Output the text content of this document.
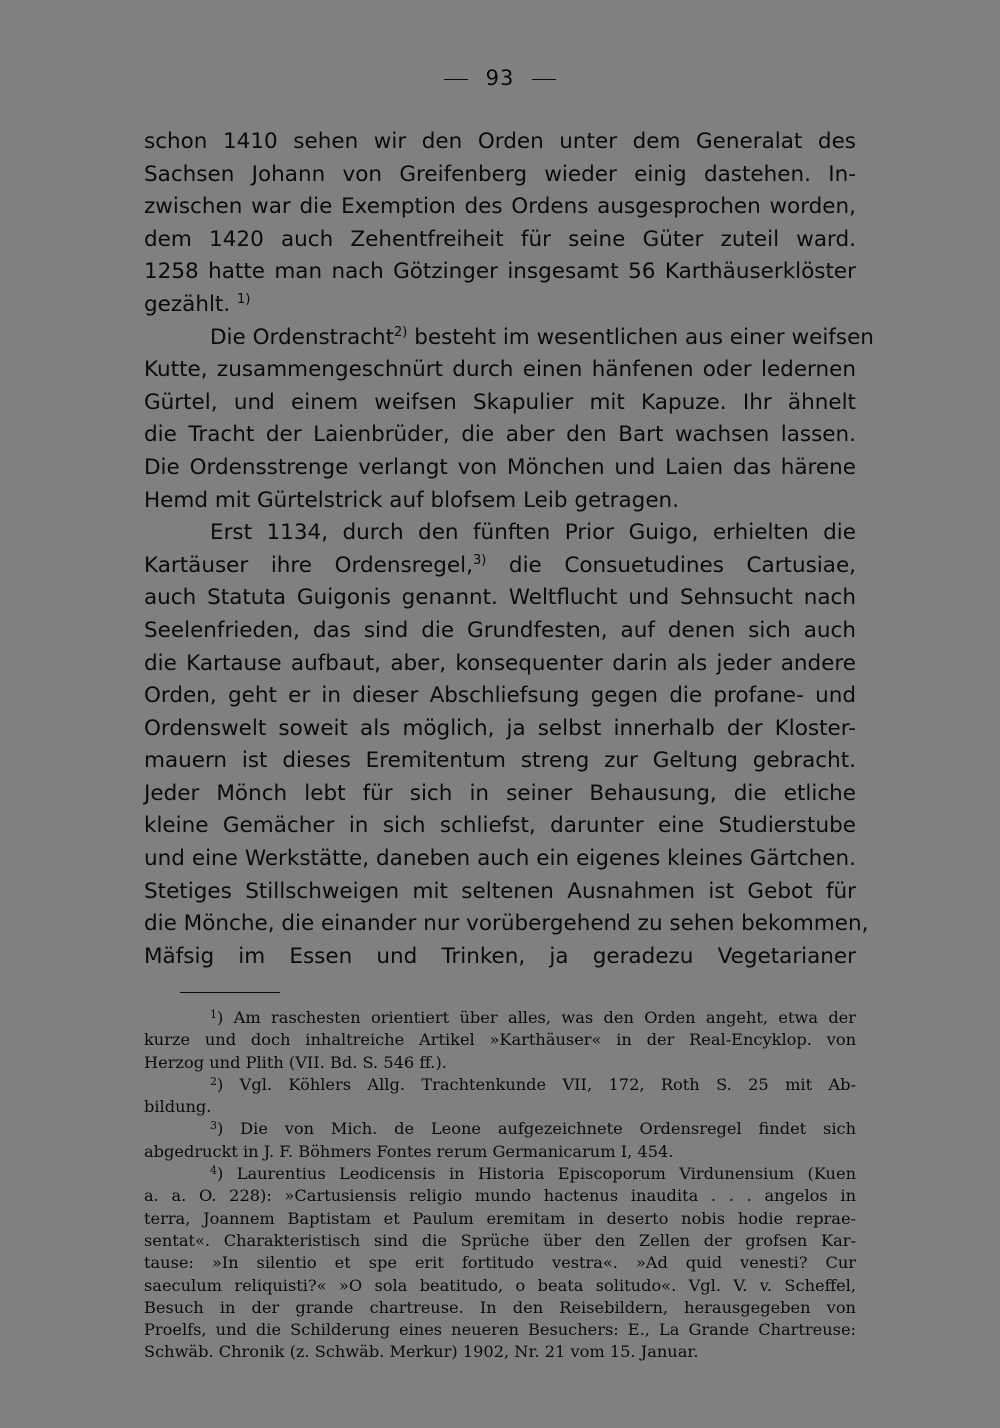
93
schon 1410 sehen wir den Orden unter dem Generalat des
Sachsen Johann von Greifenberg wieder einig dastehen. In-
zwischen war die Exemption des Ordens ausgesprochen worden,
dem 1420 auch Zehentfreiheit für seine Güter zuteil ward.
1258 hatte man nach Götzinger insgesamt 56 Karthäuserklöster
gezählt. $^{1)}$
Die Ordenstracht$^{2)}$ besteht im wesentlichen aus einer weifsen
Kutte, zusammengeschnürt durch einen hänfenen oder ledernen
Gürtel, und einem weifsen Skapulier mit Kapuze. Ihr ähnelt
die Tracht der Laienbrüder, die aber den Bart wachsen lassen.
Die Ordensstrenge verlangt von Mönchen und Laien das härene
Hemd mit Gürtelstrick auf blofsem Leib getragen.
Erst 1134, durch den fünften Prior Guigo, erhielten die
Kartäuser ihre Ordensregel,$^{3)}$ die Consuetudines Cartusiae,
auch Statuta Guigonis genannt. Weltflucht und Sehnsucht nach
Seelenfrieden, das sind die Grundfesten, auf denen sich auch
die Kartause aufbaut, aber, konsequenter darin als jeder andere
Orden, geht er in dieser Abschliefsung gegen die profane- und
Ordenswelt soweit als möglich, ja selbst innerhalb der Kloster-
mauern ist dieses Eremitentum streng zur Geltung gebracht.
Jeder Mönch lebt für sich in seiner Behausung, die etliche
kleine Gemächer in sich schliefst, darunter eine Studierstube
und eine Werkstätte, daneben auch ein eigenes kleines Gärtchen.
Stetiges Stillschweigen mit seltenen Ausnahmen ist Gebot für
die Mönche, die einander nur vorübergehend zu sehen bekommen,
Mäfsig im Essen und Trinken, ja geradezu Vegetarianer
$^1$) Am raschesten orientiert über alles, was den Orden angeht, etwa der
kurze und doch inhaltreiche Artikel »Karthäuser« in der Real-Encyklop. von
Herzog und Plith (VII. Bd. S. 546 ff.).
$^2$) Vgl. Köhlers Allg. Trachtenkunde VII, 172, Roth S. 25 mit Ab-
bildung.
$^3$) Die von Mich. de Leone aufgezeichnete Ordensregel findet sich
abgedruckt in J. F. Böhmers Fontes rerum Germanicarum I, 454.
$^4$) Laurentius Leodicensis in Historia Episcoporum Virdunensium (Kuen
a. a. O. 228): »Cartusiensis religio mundo hactenus inaudita . . . angelos in
terra, Joannem Baptistam et Paulum eremitam in deserto nobis hodie reprae-
sentat«. Charakteristisch sind die Sprüche über den Zellen der grofsen Kar-
tause: »In silentio et spe erit fortitudo vestra«. »Ad quid venesti? Cur
saeculum reliquisti?« »O sola beatitudo, o beata solitudo«. Vgl. V. v. Scheffel,
Besuch in der grande chartreuse. In den Reisebildern, herausgegeben von
Proelfs, und die Schilderung eines neueren Besuchers: E., La Grande Chartreuse:
Schwäb. Chronik (z. Schwäb. Merkur) 1902, Nr. 21 vom 15. Januar.
